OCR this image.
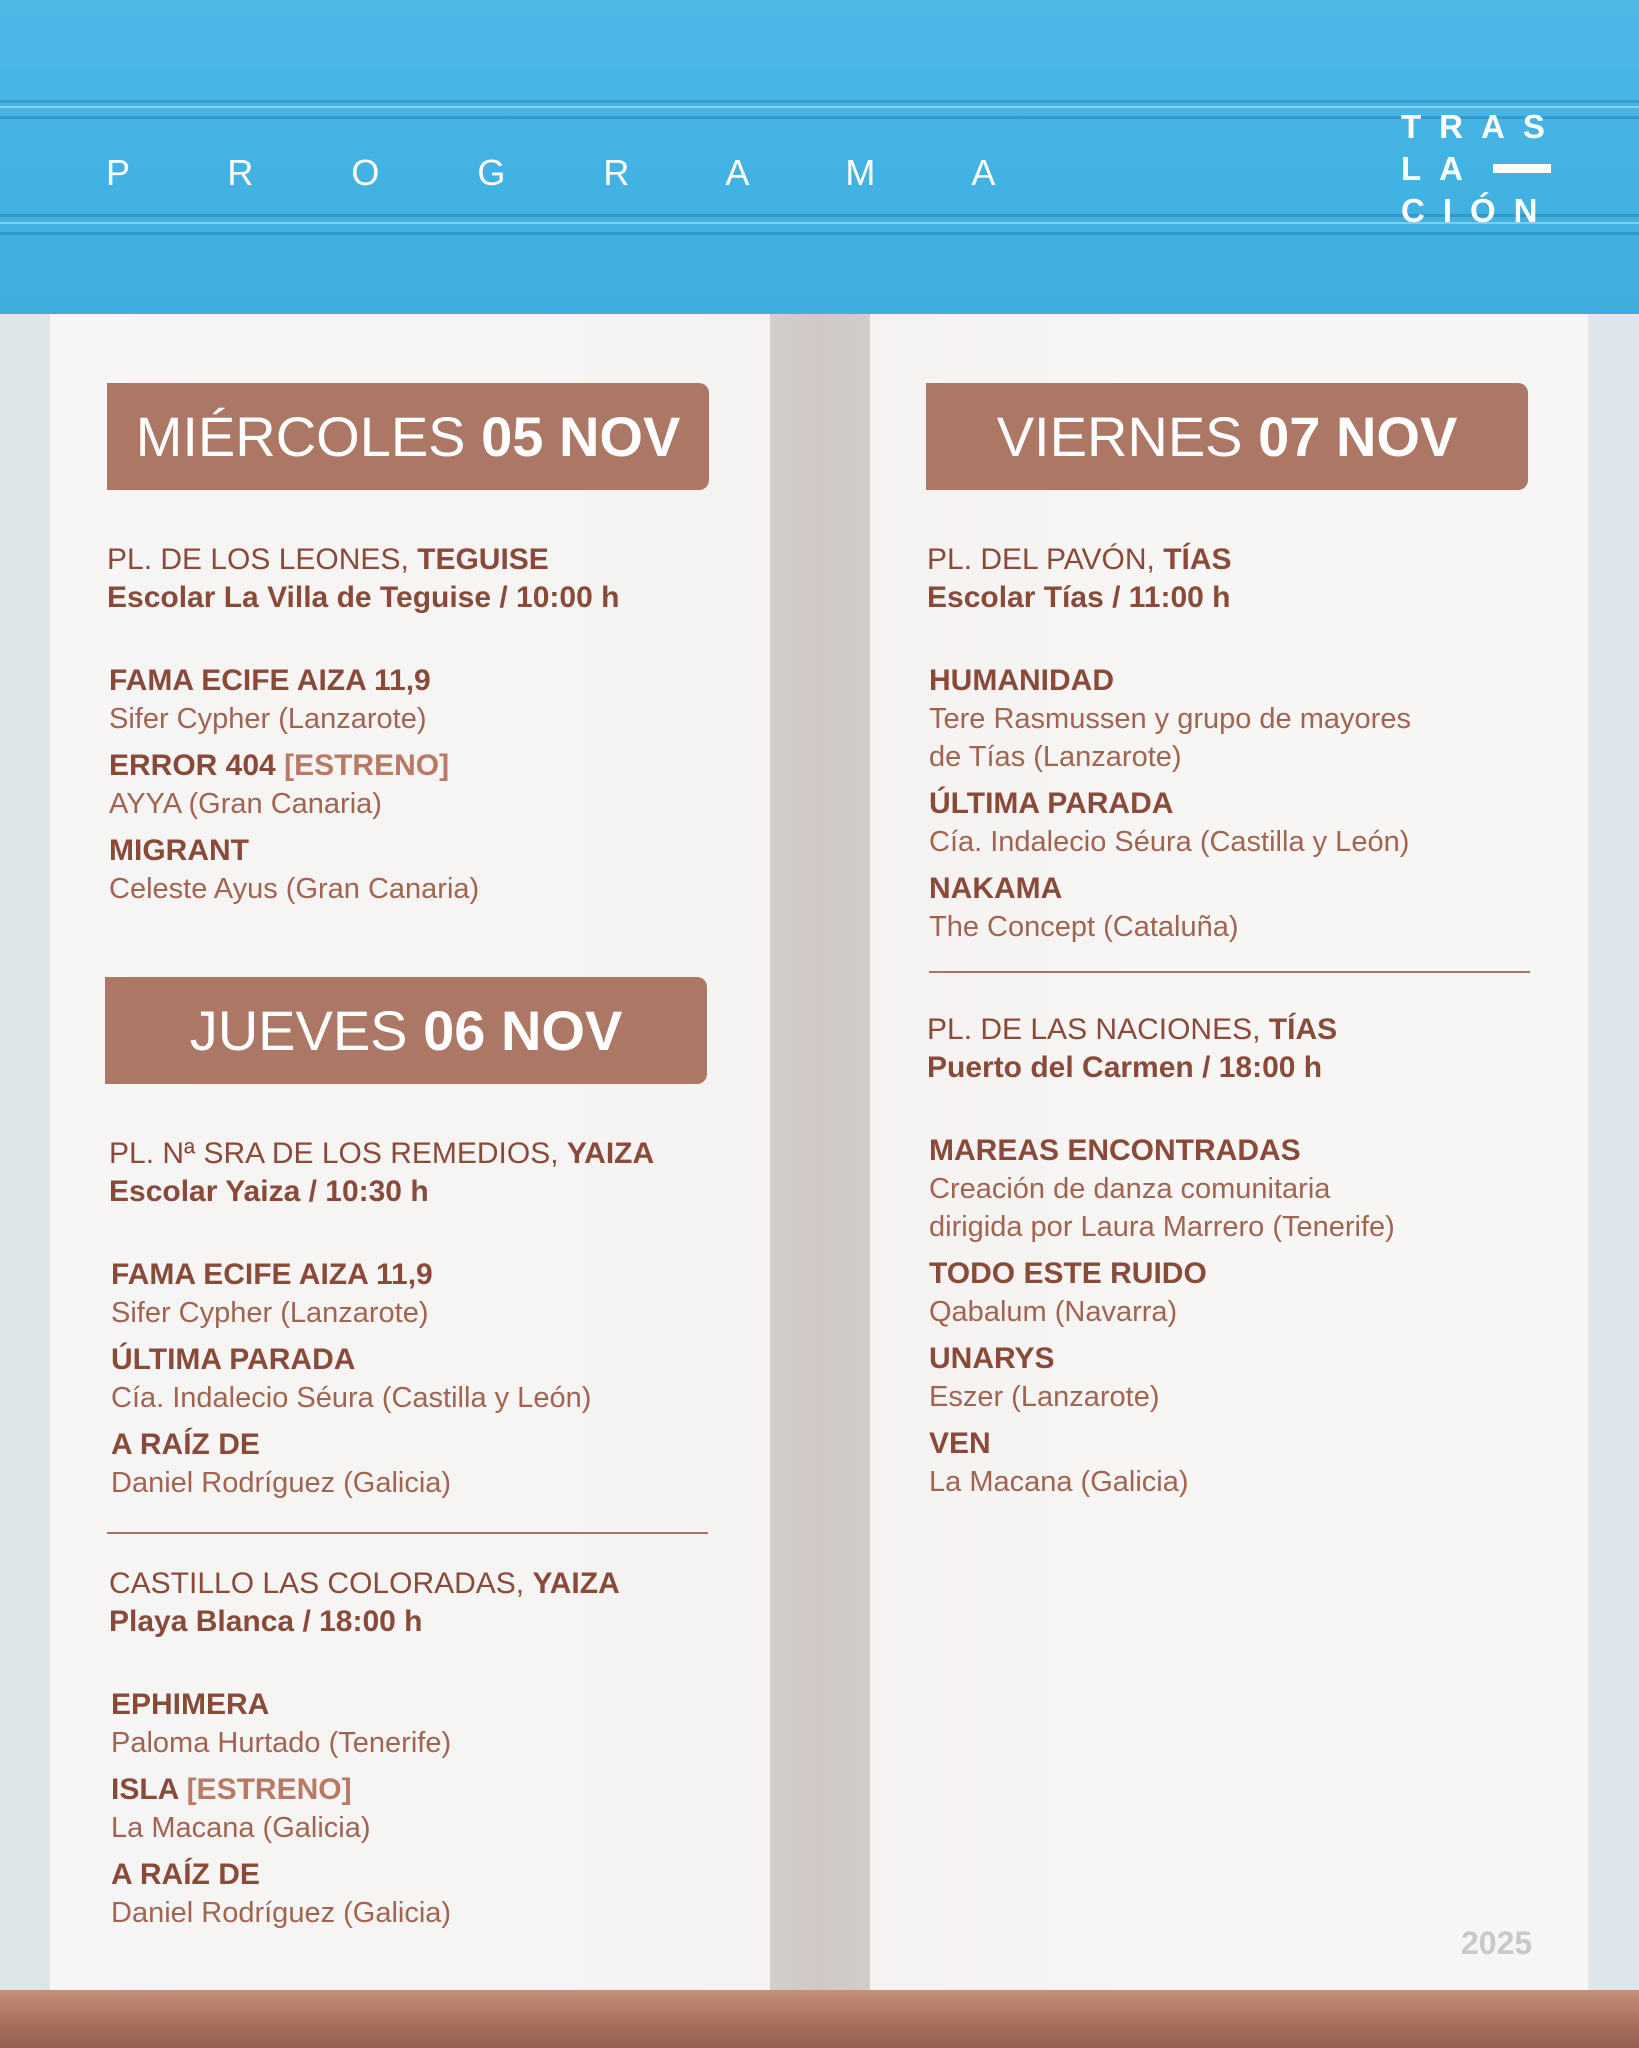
P R O G R A M A
TRAS
LA
CIÓN
MIÉRCOLES 05 NOV
PL. DE LOS LEONES, TEGUISE
Escolar La Villa de Teguise / 10:00 h
FAMA ECIFE AIZA 11,9
Sifer Cypher (Lanzarote)
ERROR 404 [ESTRENO]
AYYA (Gran Canaria)
MIGRANT
Celeste Ayus (Gran Canaria)
JUEVES 06 NOV
PL. Nª SRA DE LOS REMEDIOS, YAIZA
Escolar Yaiza / 10:30 h
FAMA ECIFE AIZA 11,9
Sifer Cypher (Lanzarote)
ÚLTIMA PARADA
Cía. Indalecio Séura (Castilla y León)
A RAÍZ DE
Daniel Rodríguez (Galicia)
CASTILLO LAS COLORADAS, YAIZA
Playa Blanca / 18:00 h
EPHIMERA
Paloma Hurtado (Tenerife)
ISLA [ESTRENO]
La Macana (Galicia)
A RAÍZ DE
Daniel Rodríguez (Galicia)
VIERNES 07 NOV
PL. DEL PAVÓN, TÍAS
Escolar Tías / 11:00 h
HUMANIDAD
Tere Rasmussen y grupo de mayores
de Tías (Lanzarote)
ÚLTIMA PARADA
Cía. Indalecio Séura (Castilla y León)
NAKAMA
The Concept (Cataluña)
PL. DE LAS NACIONES, TÍAS
Puerto del Carmen / 18:00 h
MAREAS ENCONTRADAS
Creación de danza comunitaria
dirigida por Laura Marrero (Tenerife)
TODO ESTE RUIDO
Qabalum (Navarra)
UNARYS
Eszer (Lanzarote)
VEN
La Macana (Galicia)
2025
